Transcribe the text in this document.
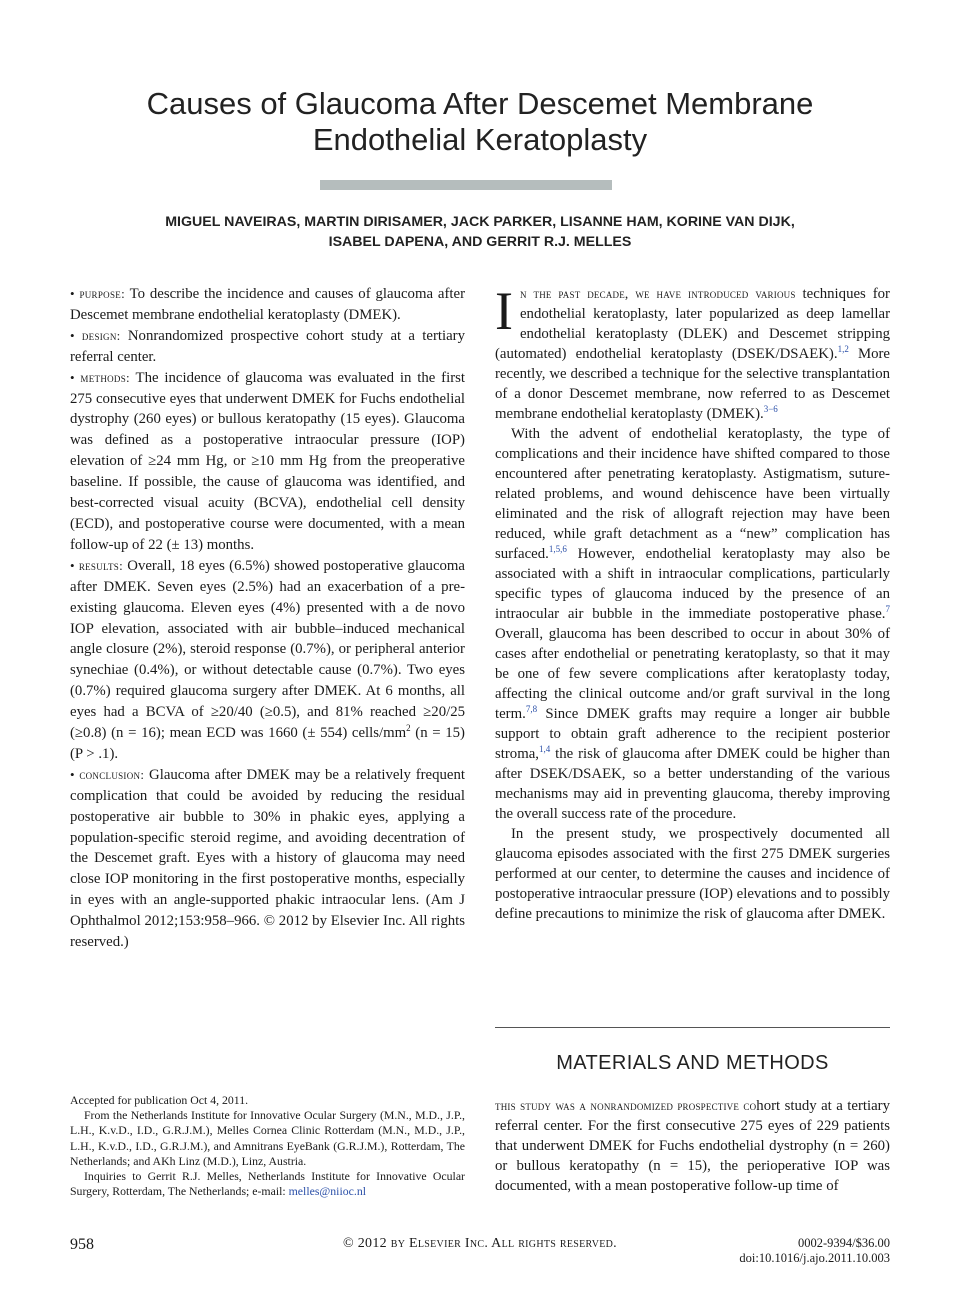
Causes of Glaucoma After Descemet Membrane
Endothelial Keratoplasty
MIGUEL NAVEIRAS, MARTIN DIRISAMER, JACK PARKER, LISANNE HAM, KORINE VAN DIJK,
ISABEL DAPENA, AND GERRIT R.J. MELLES

• purpose: To describe the incidence and causes of glaucoma after Descemet membrane endothelial keratoplasty (DMEK).

• design: Nonrandomized prospective cohort study at a tertiary referral center.

• methods: The incidence of glaucoma was evaluated in the first 275 consecutive eyes that underwent DMEK for Fuchs endothelial dystrophy (260 eyes) or bullous keratopathy (15 eyes). Glaucoma was defined as a postoperative intraocular pressure (IOP) elevation of ≥24 mm Hg, or ≥10 mm Hg from the preoperative baseline. If possible, the cause of glaucoma was identified, and best-corrected visual acuity (BCVA), endothelial cell density (ECD), and postoperative course were documented, with a mean follow-up of 22 (± 13) months.

• results: Overall, 18 eyes (6.5%) showed postoperative glaucoma after DMEK. Seven eyes (2.5%) had an exacerbation of a pre-existing glaucoma. Eleven eyes (4%) presented with a de novo IOP elevation, associated with air bubble–induced mechanical angle closure (2%), steroid response (0.7%), or peripheral anterior synechiae (0.4%), or without detectable cause (0.7%). Two eyes (0.7%) required glaucoma surgery after DMEK. At 6 months, all eyes had a BCVA of ≥20/40 (≥0.5), and 81% reached ≥20/25 (≥0.8) (n = 16); mean ECD was 1660 (± 554) cells/$mm^2$ (n = 15) (P > .1).

• conclusion: Glaucoma after DMEK may be a relatively frequent complication that could be avoided by reducing the residual postoperative air bubble to 30% in phakic eyes, applying a population-specific steroid regime, and avoiding decentration of the Descemet graft. Eyes with a history of glaucoma may need close IOP monitoring in the first postoperative months, especially in eyes with an angle-supported phakic intraocular lens. (Am J Ophthalmol 2012;153:958–966. © 2012 by Elsevier Inc. All rights reserved.)

In the past decade, we have introduced various techniques for endothelial keratoplasty, later popularized as deep lamellar endothelial keratoplasty (DLEK) and Descemet stripping (automated) endothelial keratoplasty (DSEK/DSAEK).$^{1,2}$ More recently, we described a technique for the selective transplantation of a donor Descemet membrane, now referred to as Descemet membrane endothelial keratoplasty (DMEK).$^{3-6}$

With the advent of endothelial keratoplasty, the type of complications and their incidence have shifted compared to those encountered after penetrating keratoplasty. Astigmatism, suture-related problems, and wound dehiscence have been virtually eliminated and the risk of allograft rejection may have been reduced, while graft detachment as a “new” complication has surfaced.$^{1,5,6}$ However, endothelial keratoplasty may also be associated with a shift in intraocular complications, particularly specific types of glaucoma induced by the presence of an intraocular air bubble in the immediate postoperative phase.$^7$ Overall, glaucoma has been described to occur in about 30% of cases after endothelial or penetrating keratoplasty, so that it may be one of few severe complications after keratoplasty today, affecting the clinical outcome and/or graft survival in the long term.$^{7,8}$ Since DMEK grafts may require a longer air bubble support to obtain graft adherence to the recipient posterior stroma,$^{1,4}$ the risk of glaucoma after DMEK could be higher than after DSEK/DSAEK, so a better understanding of the various mechanisms may aid in preventing glaucoma, thereby improving the overall success rate of the procedure.

In the present study, we prospectively documented all glaucoma episodes associated with the first 275 DMEK surgeries performed at our center, to determine the causes and incidence of postoperative intraocular pressure (IOP) elevations and to possibly define precautions to minimize the risk of glaucoma after DMEK.

MATERIALS AND METHODS

this study was a nonrandomized prospective cohort study at a tertiary referral center. For the first consecutive 275 eyes of 229 patients that underwent DMEK for Fuchs endothelial dystrophy (n = 260) or bullous keratopathy (n = 15), the perioperative IOP was documented, with a mean postoperative follow-up time of

Accepted for publication Oct 4, 2011.

From the Netherlands Institute for Innovative Ocular Surgery (M.N., M.D., J.P., L.H., K.v.D., I.D., G.R.J.M.), Melles Cornea Clinic Rotterdam (M.N., M.D., J.P., L.H., K.v.D., I.D., G.R.J.M.), and Amnitrans EyeBank (G.R.J.M.), Rotterdam, The Netherlands; and AKh Linz (M.D.), Linz, Austria.

Inquiries to Gerrit R.J. Melles, Netherlands Institute for Innovative Ocular Surgery, Rotterdam, The Netherlands; e-mail: melles@niioc.nl

958	© 2012 by Elsevier Inc. All rights reserved.	0002-9394/$36.00
doi:10.1016/j.ajo.2011.10.003
